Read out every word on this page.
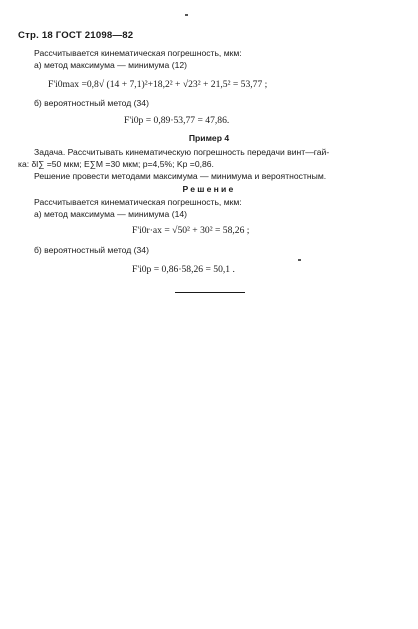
Стр. 18 ГОСТ 21098—82
Рассчитывается кинематическая погрешность, мкм:
а) метод максимума — минимума (12)
F'i0max =0,8√ (14 + 7,1)²+18,2² + √23² + 21,5² = 53,77 ;
б) вероятностный метод (34)
F'i0p = 0,89·53,77 = 47,86.
Пример 4
Задача. Рассчитывать кинематическую погрешность передачи винт—гай-
ка: δl∑ =50 мкм; E∑M =30 мкм; p=4,5%; Kp =0,86.
Решение провести методами максимума — минимума и вероятностным.
Решение
Рассчитывается кинематическая погрешность, мкм:
а) метод максимума — минимума (14)
F'i0r·ax = √50² + 30² = 58,26 ;
б) вероятностный метод (34)
F'i0p = 0,86·58,26 = 50,1 .
